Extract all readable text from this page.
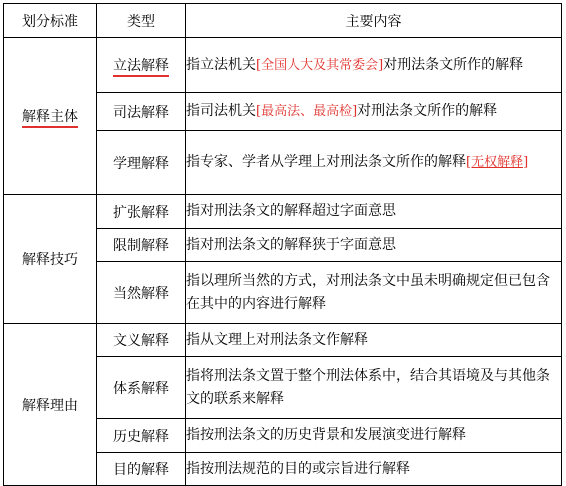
划分标准	类型	主要内容
解释主体	立法解释	指立法机关[全国人大及其常委会]对刑法条文所作的解释
	司法解释	指司法机关[最高法、最高检]对刑法条文所作的解释
	学理解释	指专家、学者从学理上对刑法条文所作的解释[无权解释]
解释技巧	扩张解释	指对刑法条文的解释超过字面意思
	限制解释	指对刑法条文的解释狭于字面意思
	当然解释	指以理所当然的方式，对刑法条文中虽未明确规定但已包含在其中的内容进行解释
解释理由	文义解释	指从文理上对刑法条文作解释
	体系解释	指将刑法条文置于整个刑法体系中，结合其语境及与其他条文的联系来解释
	历史解释	指按刑法条文的历史背景和发展演变进行解释
	目的解释	指按刑法规范的目的或宗旨进行解释
